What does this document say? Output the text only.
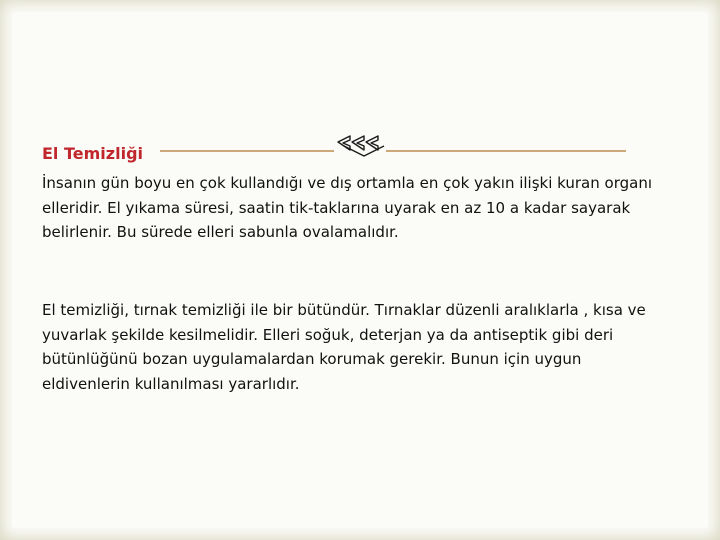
El Temizliği
İnsanın gün boyu en çok kullandığı ve dış ortamla en çok yakın ilişki kuran organı elleridir. El yıkama süresi, saatin tik-taklarına uyarak en az 10 a kadar sayarak belirlenir. Bu sürede elleri sabunla ovalamalıdır.
El temizliği, tırnak temizliği ile bir bütündür. Tırnaklar düzenli aralıklarla , kısa ve yuvarlak şekilde kesilmelidir. Elleri soğuk, deterjan ya da antiseptik gibi deri bütünlüğünü bozan uygulamalardan korumak gerekir. Bunun için uygun eldivenlerin kullanılması yararlıdır.
